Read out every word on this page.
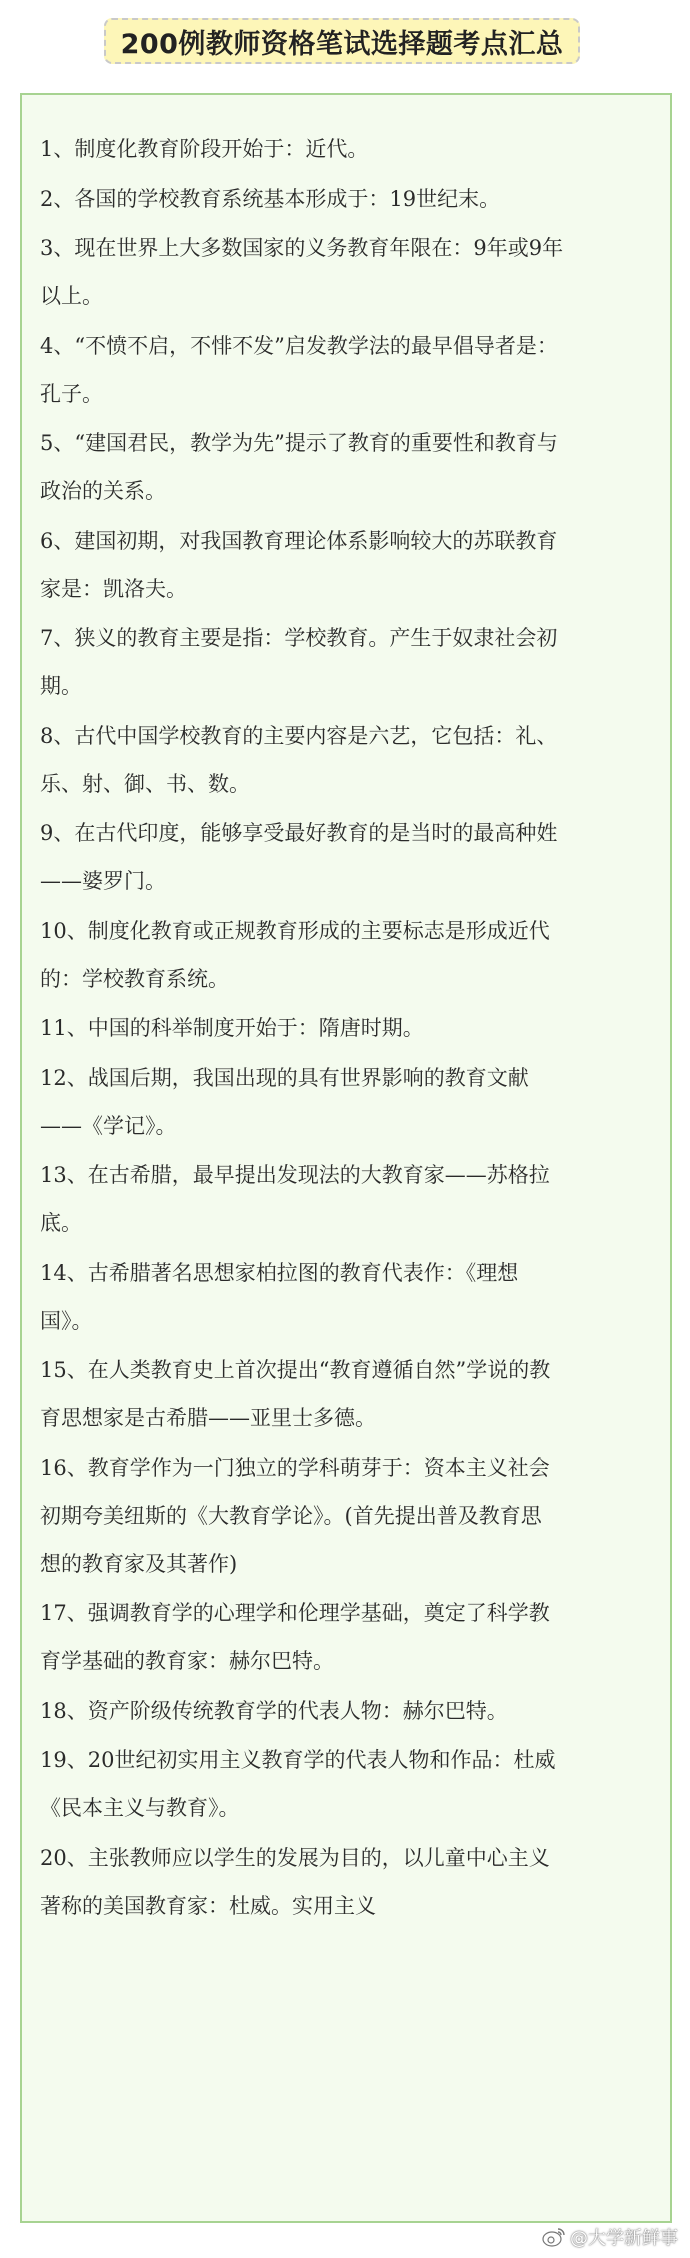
200例教师资格笔试选择题考点汇总
1、制度化教育阶段开始于：近代。
2、各国的学校教育系统基本形成于：19世纪末。
3、现在世界上大多数国家的义务教育年限在：9年或9年
以上。
4、“不愤不启，不悱不发”启发教学法的最早倡导者是：
孔子。
5、“建国君民，教学为先”提示了教育的重要性和教育与
政治的关系。
6、建国初期，对我国教育理论体系影响较大的苏联教育
家是：凯洛夫。
7、狭义的教育主要是指：学校教育。产生于奴隶社会初
期。
8、古代中国学校教育的主要内容是六艺，它包括：礼、
乐、射、御、书、数。
9、在古代印度，能够享受最好教育的是当时的最高种姓
——婆罗门。
10、制度化教育或正规教育形成的主要标志是形成近代
的：学校教育系统。
11、中国的科举制度开始于：隋唐时期。
12、战国后期，我国出现的具有世界影响的教育文献
——《学记》。
13、在古希腊，最早提出发现法的大教育家——苏格拉
底。
14、古希腊著名思想家柏拉图的教育代表作：《理想
国》。
15、在人类教育史上首次提出“教育遵循自然”学说的教
育思想家是古希腊——亚里士多德。
16、教育学作为一门独立的学科萌芽于：资本主义社会
初期夸美纽斯的《大教育学论》。(首先提出普及教育思
想的教育家及其著作)
17、强调教育学的心理学和伦理学基础，奠定了科学教
育学基础的教育家：赫尔巴特。
18、资产阶级传统教育学的代表人物：赫尔巴特。
19、20世纪初实用主义教育学的代表人物和作品：杜威
《民本主义与教育》。
20、主张教师应以学生的发展为目的，以儿童中心主义
著称的美国教育家：杜威。实用主义
@大学新鲜事
